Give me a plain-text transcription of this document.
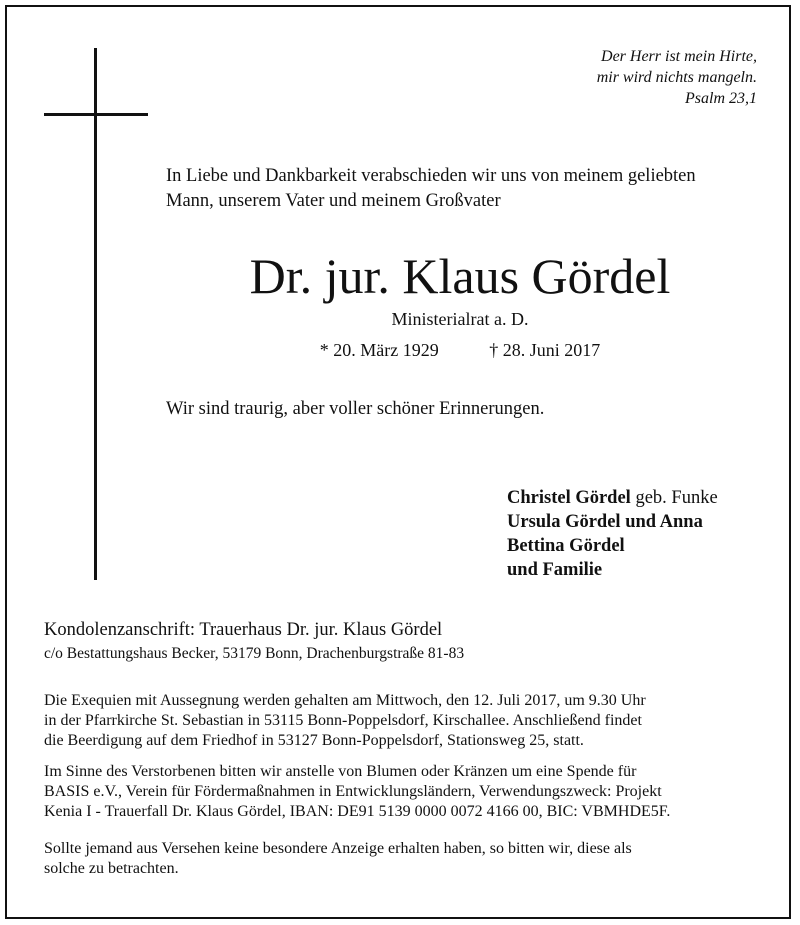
Der Herr ist mein Hirte,
mir wird nichts mangeln.
Psalm 23,1
In Liebe und Dankbarkeit verabschieden wir uns von meinem geliebten
Mann, unserem Vater und meinem Großvater
Dr. jur. Klaus Gördel
Ministerialrat a. D.
* 20. März 1929	† 28. Juni 2017
Wir sind traurig, aber voller schöner Erinnerungen.
Christel Gördel geb. Funke
Ursula Gördel und Anna
Bettina Gördel
und Familie
Kondolenzanschrift: Trauerhaus Dr. jur. Klaus Gördel
c/o Bestattungshaus Becker, 53179 Bonn, Drachenburgstraße 81-83
Die Exequien mit Aussegnung werden gehalten am Mittwoch, den 12. Juli 2017, um 9.30 Uhr
in der Pfarrkirche St. Sebastian in 53115 Bonn-Poppelsdorf, Kirschallee. Anschließend findet
die Beerdigung auf dem Friedhof in 53127 Bonn-Poppelsdorf, Stationsweg 25, statt.
Im Sinne des Verstorbenen bitten wir anstelle von Blumen oder Kränzen um eine Spende für
BASIS e.V., Verein für Fördermaßnahmen in Entwicklungsländern, Verwendungszweck: Projekt
Kenia I - Trauerfall Dr. Klaus Gördel, IBAN: DE91 5139 0000 0072 4166 00, BIC: VBMHDE5F.
Sollte jemand aus Versehen keine besondere Anzeige erhalten haben, so bitten wir, diese als
solche zu betrachten.
